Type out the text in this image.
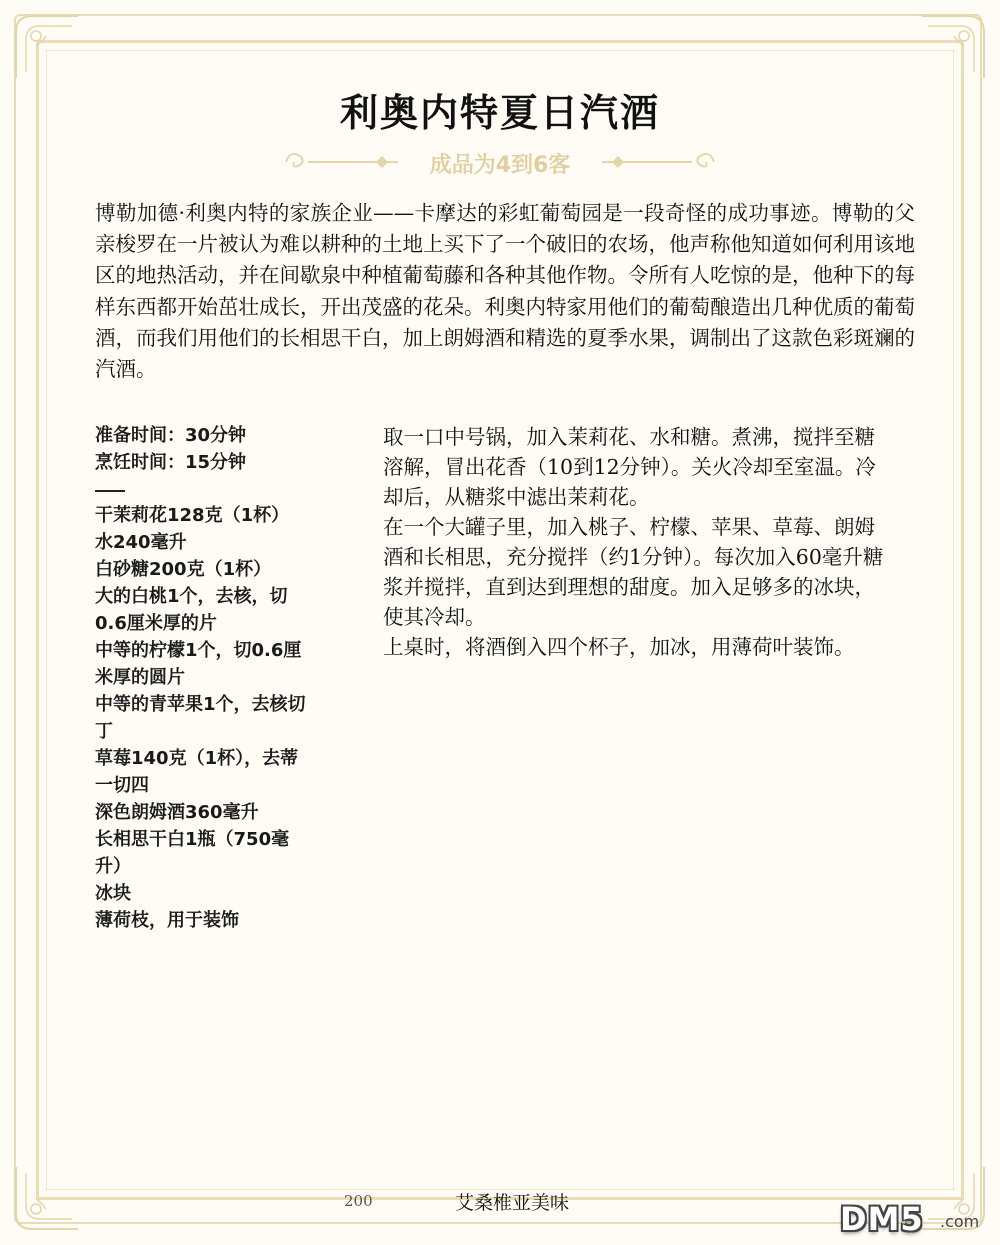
利奥内特夏日汽酒
成品为4到6客
博勒加德·利奥内特的家族企业——卡摩达的彩虹葡萄园是一段奇怪的成功事迹。博勒的父亲梭罗在一片被认为难以耕种的土地上买下了一个破旧的农场，他声称他知道如何利用该地区的地热活动，并在间歇泉中种植葡萄藤和各种其他作物。令所有人吃惊的是，他种下的每样东西都开始茁壮成长，开出茂盛的花朵。利奥内特家用他们的葡萄酿造出几种优质的葡萄酒，而我们用他们的长相思干白，加上朗姆酒和精选的夏季水果，调制出了这款色彩斑斓的汽酒。
准备时间：30分钟
烹饪时间：15分钟
干茉莉花128克（1杯）
水240毫升
白砂糖200克（1杯）
大的白桃1个，去核，切0.6厘米厚的片
中等的柠檬1个，切0.6厘米厚的圆片
中等的青苹果1个，去核切丁
草莓140克（1杯），去蒂一切四
深色朗姆酒360毫升
长相思干白1瓶（750毫升）
冰块
薄荷枝，用于装饰

取一口中号锅，加入茉莉花、水和糖。煮沸，搅拌至糖溶解，冒出花香（10到12分钟）。关火冷却至室温。冷却后，从糖浆中滤出茉莉花。

在一个大罐子里，加入桃子、柠檬、苹果、草莓、朗姆酒和长相思，充分搅拌（约1分钟）。每次加入60毫升糖浆并搅拌，直到达到理想的甜度。加入足够多的冰块，使其冷却。

上桌时，将酒倒入四个杯子，加冰，用薄荷叶装饰。

200	艾桑椎亚美味	DM5 .com
